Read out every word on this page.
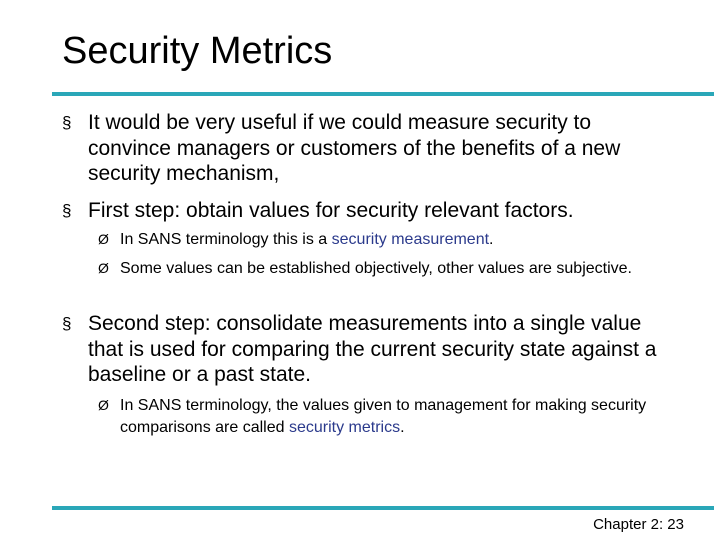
Security Metrics
§ It would be very useful if we could measure security to convince managers or customers of the benefits of a new security mechanism,
§ First step: obtain values for security relevant factors.
Ø In SANS terminology this is a security measurement.
Ø Some values can be established objectively, other values are subjective.
§ Second step: consolidate measurements into a single value that is used for comparing the current security state against a baseline or a past state.
Ø In SANS terminology, the values given to management for making security comparisons are called security metrics.
Chapter 2: 23
